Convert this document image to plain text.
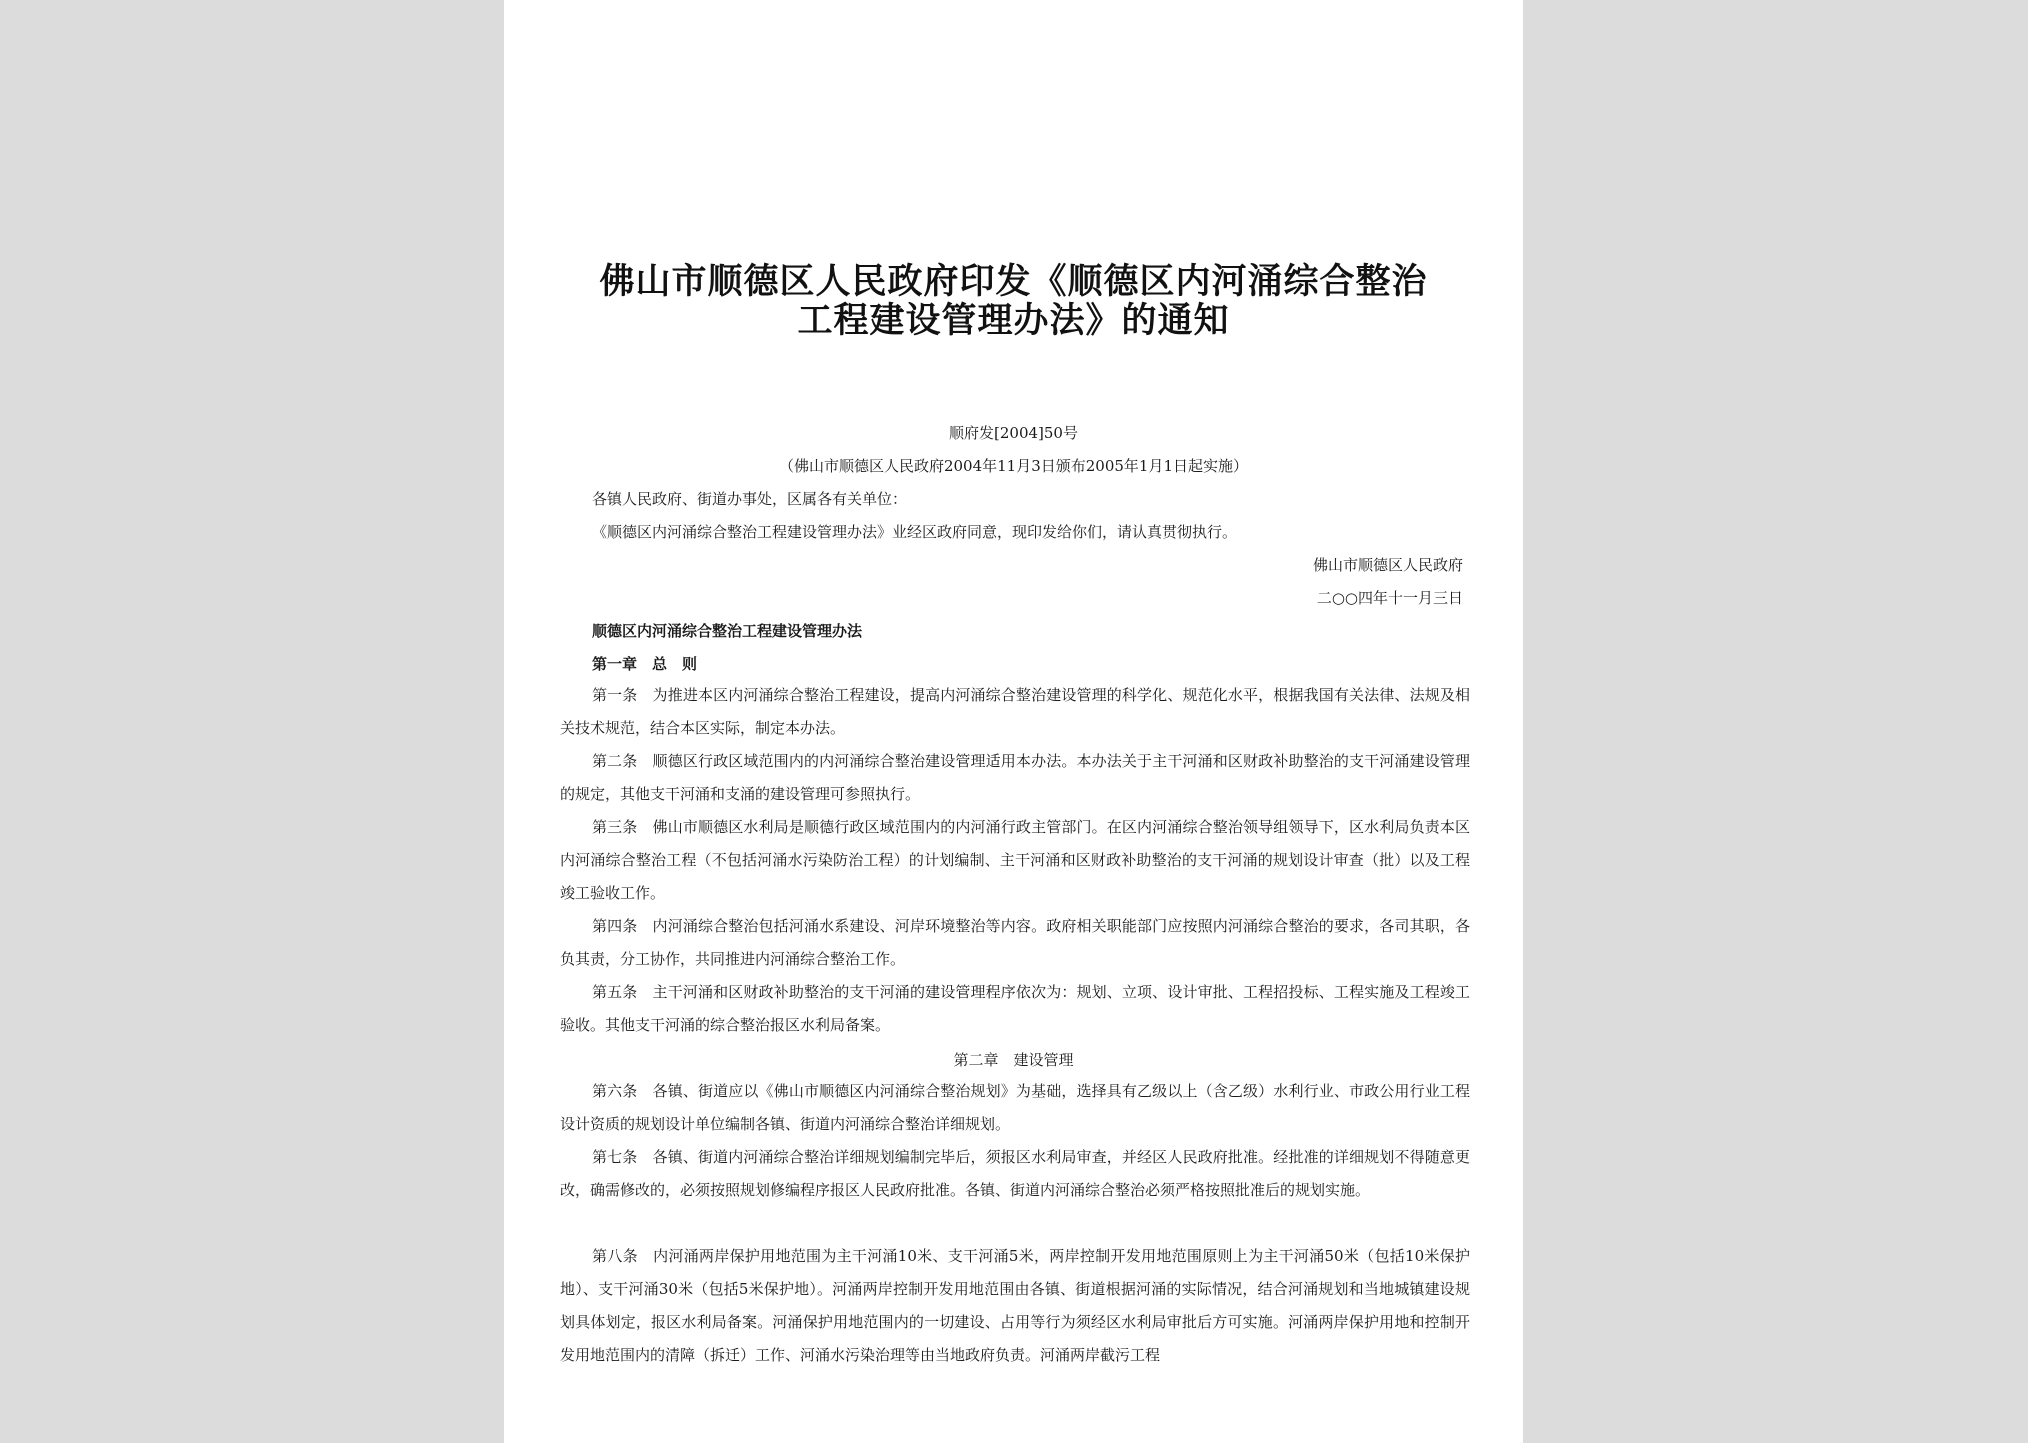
佛山市顺德区人民政府印发《顺德区内河涌综合整治
工程建设管理办法》的通知
顺府发[2004]50号
（佛山市顺德区人民政府2004年11月3日颁布2005年1月1日起实施）
各镇人民政府、街道办事处，区属各有关单位：
《顺德区内河涌综合整治工程建设管理办法》业经区政府同意，现印发给你们，请认真贯彻执行。
佛山市顺德区人民政府
二○○四年十一月三日
顺德区内河涌综合整治工程建设管理办法
第一章　总　则
第一条　为推进本区内河涌综合整治工程建设，提高内河涌综合整治建设管理的科学化、规范化水平，根据我国有关法律、法规及相关技术规范，结合本区实际，制定本办法。
第二条　顺德区行政区域范围内的内河涌综合整治建设管理适用本办法。本办法关于主干河涌和区财政补助整治的支干河涌建设管理的规定，其他支干河涌和支涌的建设管理可参照执行。
第三条　佛山市顺德区水利局是顺德行政区域范围内的内河涌行政主管部门。在区内河涌综合整治领导组领导下，区水利局负责本区内河涌综合整治工程（不包括河涌水污染防治工程）的计划编制、主干河涌和区财政补助整治的支干河涌的规划设计审查（批）以及工程竣工验收工作。
第四条　内河涌综合整治包括河涌水系建设、河岸环境整治等内容。政府相关职能部门应按照内河涌综合整治的要求，各司其职，各负其责，分工协作，共同推进内河涌综合整治工作。
第五条　主干河涌和区财政补助整治的支干河涌的建设管理程序依次为：规划、立项、设计审批、工程招投标、工程实施及工程竣工验收。其他支干河涌的综合整治报区水利局备案。
第二章　建设管理
第六条　各镇、街道应以《佛山市顺德区内河涌综合整治规划》为基础，选择具有乙级以上（含乙级）水利行业、市政公用行业工程设计资质的规划设计单位编制各镇、街道内河涌综合整治详细规划。
第七条　各镇、街道内河涌综合整治详细规划编制完毕后，须报区水利局审查，并经区人民政府批准。经批准的详细规划不得随意更改，确需修改的，必须按照规划修编程序报区人民政府批准。各镇、街道内河涌综合整治必须严格按照批准后的规划实施。
第八条　内河涌两岸保护用地范围为主干河涌10米、支干河涌5米，两岸控制开发用地范围原则上为主干河涌50米（包括10米保护地）、支干河涌30米（包括5米保护地）。河涌两岸控制开发用地范围由各镇、街道根据河涌的实际情况，结合河涌规划和当地城镇建设规划具体划定，报区水利局备案。河涌保护用地范围内的一切建设、占用等行为须经区水利局审批后方可实施。河涌两岸保护用地和控制开发用地范围内的清障（拆迁）工作、河涌水污染治理等由当地政府负责。河涌两岸截污工程
